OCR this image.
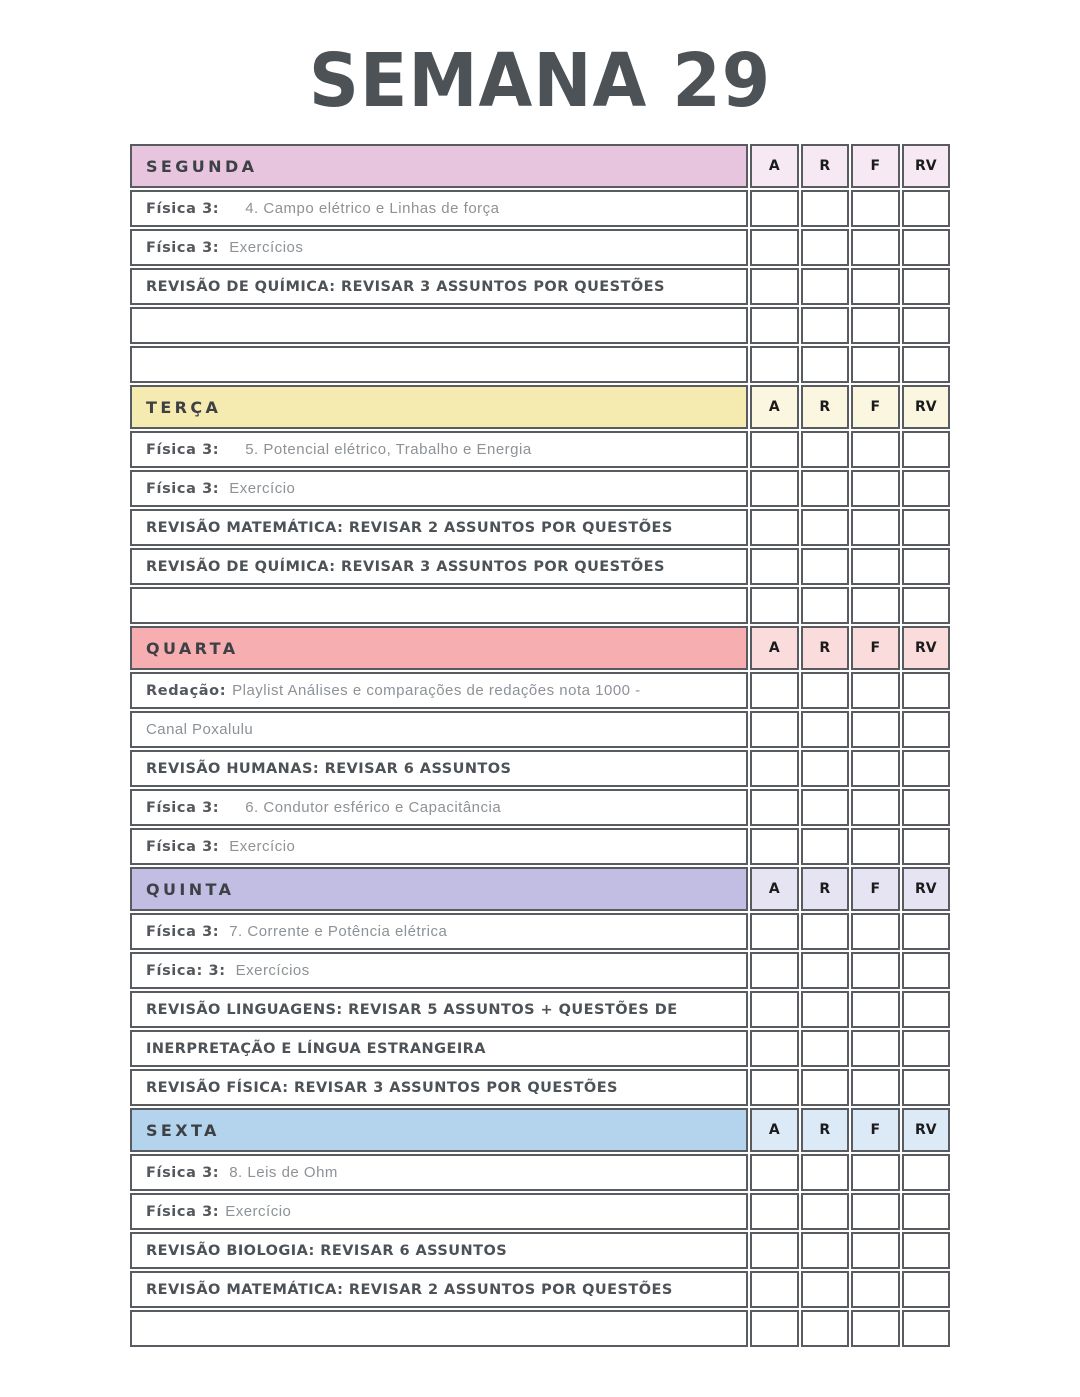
SEMANA 29
SEGUNDA	A	R	F	RV
Física 3: 4. Campo elétrico e Linhas de força
Física 3: Exercícios
REVISÃO DE QUÍMICA: REVISAR 3 ASSUNTOS POR QUESTÕES
TERÇA	A	R	F	RV
Física 3: 5. Potencial elétrico, Trabalho e Energia
Física 3: Exercício
REVISÃO MATEMÁTICA: REVISAR 2 ASSUNTOS POR QUESTÕES
REVISÃO DE QUÍMICA: REVISAR 3 ASSUNTOS POR QUESTÕES
QUARTA	A	R	F	RV
Redação: Playlist Análises e comparações de redações nota 1000 -
Canal Poxalulu
REVISÃO HUMANAS: REVISAR 6 ASSUNTOS
Física 3: 6. Condutor esférico e Capacitância
Física 3: Exercício
QUINTA	A	R	F	RV
Física 3: 7. Corrente e Potência elétrica
Física: 3: Exercícios
REVISÃO LINGUAGENS: REVISAR 5 ASSUNTOS + QUESTÕES DE
INERPRETAÇÃO E LÍNGUA ESTRANGEIRA
REVISÃO FÍSICA: REVISAR 3 ASSUNTOS POR QUESTÕES
SEXTA	A	R	F	RV
Física 3: 8. Leis de Ohm
Física 3: Exercício
REVISÃO BIOLOGIA: REVISAR 6 ASSUNTOS
REVISÃO MATEMÁTICA: REVISAR 2 ASSUNTOS POR QUESTÕES
